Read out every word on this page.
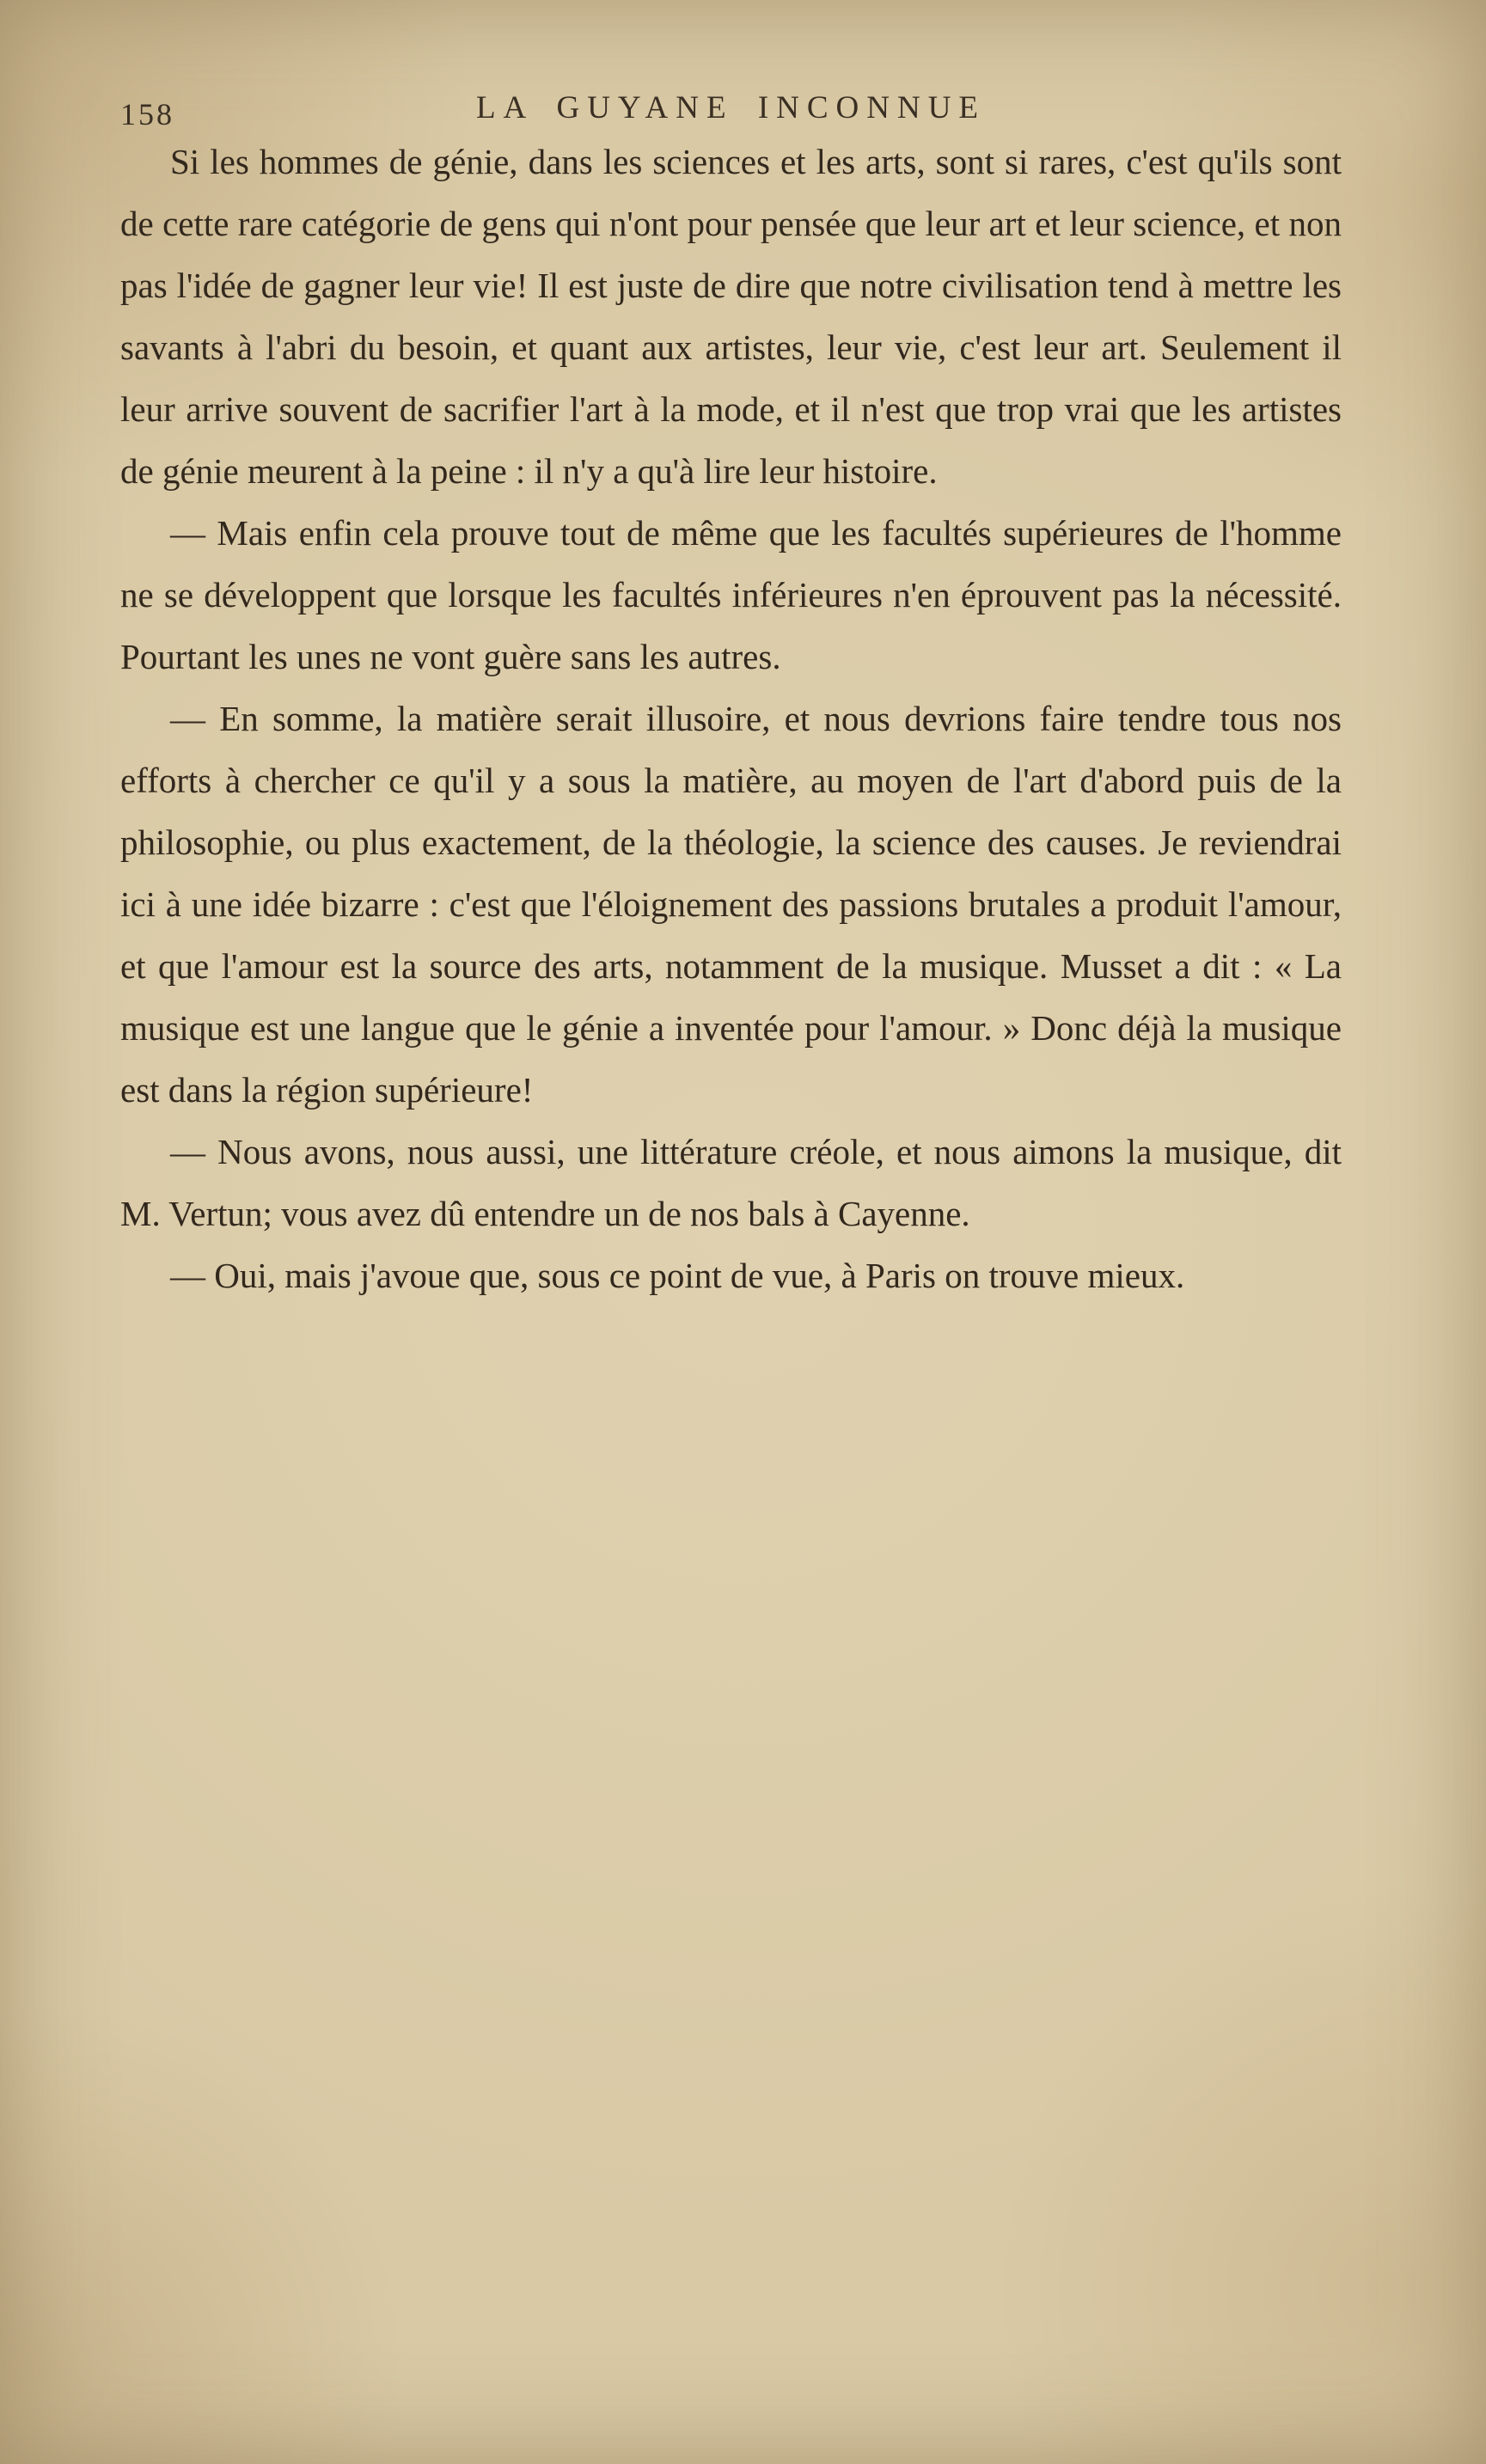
158	LA GUYANE INCONNUE

Si les hommes de génie, dans les sciences et les arts, sont si rares, c'est qu'ils sont de cette rare catégorie de gens qui n'ont pour pensée que leur art et leur science, et non pas l'idée de gagner leur vie! Il est juste de dire que notre civilisation tend à mettre les savants à l'abri du besoin, et quant aux artistes, leur vie, c'est leur art. Seulement il leur arrive souvent de sacrifier l'art à la mode, et il n'est que trop vrai que les artistes de génie meurent à la peine : il n'y a qu'à lire leur histoire.

— Mais enfin cela prouve tout de même que les facultés supérieures de l'homme ne se développent que lorsque les facultés inférieures n'en éprouvent pas la nécessité. Pourtant les unes ne vont guère sans les autres.

— En somme, la matière serait illusoire, et nous devrions faire tendre tous nos efforts à chercher ce qu'il y a sous la matière, au moyen de l'art d'abord puis de la philosophie, ou plus exactement, de la théologie, la science des causes. Je reviendrai ici à une idée bizarre : c'est que l'éloignement des passions brutales a produit l'amour, et que l'amour est la source des arts, notamment de la musique. Musset a dit : « La musique est une langue que le génie a inventée pour l'amour. » Donc déjà la musique est dans la région supérieure!

— Nous avons, nous aussi, une littérature créole, et nous aimons la musique, dit M. Vertun; vous avez dû entendre un de nos bals à Cayenne.

— Oui, mais j'avoue que, sous ce point de vue, à Paris on trouve mieux.
